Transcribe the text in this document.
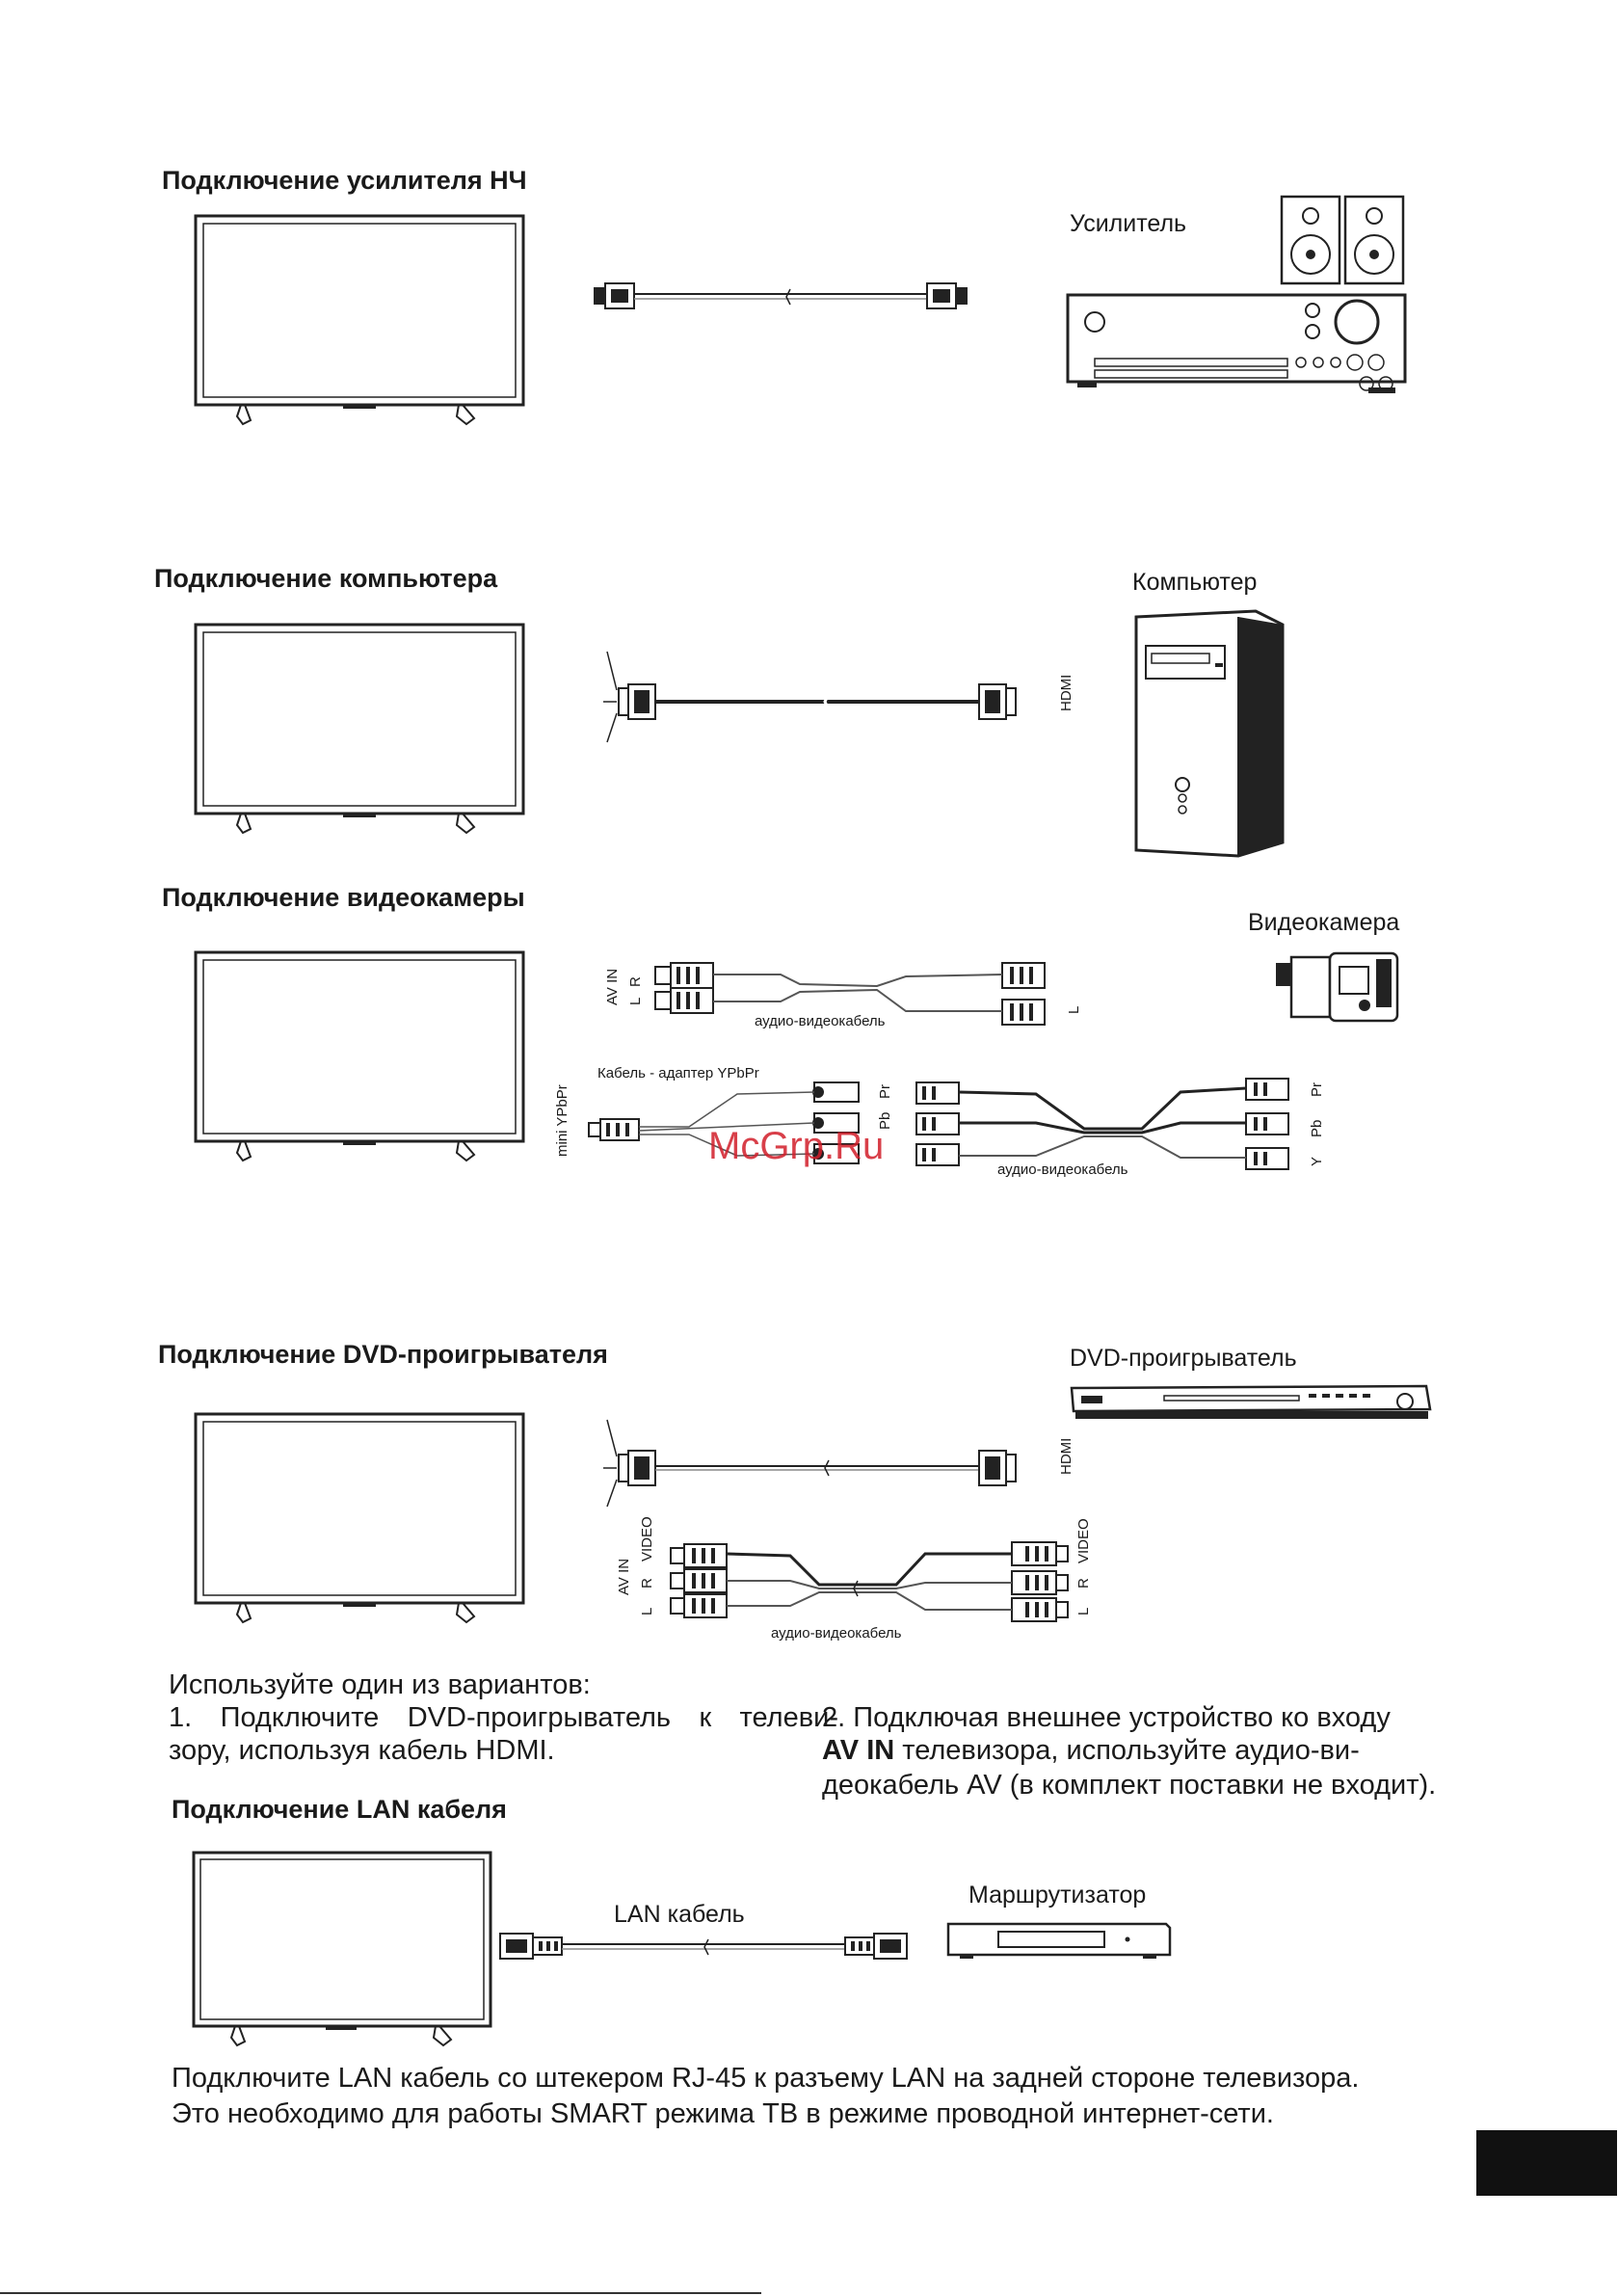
Подключение усилителя НЧ
Усилитель
Подключение компьютера
HDMI
Компьютер
Подключение видеокамеры
Видеокамера
AV IN L
R
L
аудио-видеокабель
Кабель - адаптер YPbPr
mini YPbPr	Pr
Pb
Pr
Pb
Y
аудио-видеокабель
McGrp.Ru
Подключение DVD-проигрывателя	DVD-проигрыватель
HDMI
AV IN
VIDEO
R
L
VIDEO
R
L
аудио-видеокабель
Используйте один из вариантов:
1. Подключите DVD-проигрыватель к телеви-
зору, используя кабель HDMI.
2. Подключая внешнее устройство ко входу
AV IN телевизора, используйте аудио-ви-
деокабель AV (в комплект поставки не входит).
Подключение LAN кабеля
LAN кабель
Маршрутизатор
Подключите LAN кабель со штекером RJ-45 к разъему LAN на задней стороне телевизора.
Это необходимо для работы SMART режима ТВ в режиме проводной интернет-сети.
